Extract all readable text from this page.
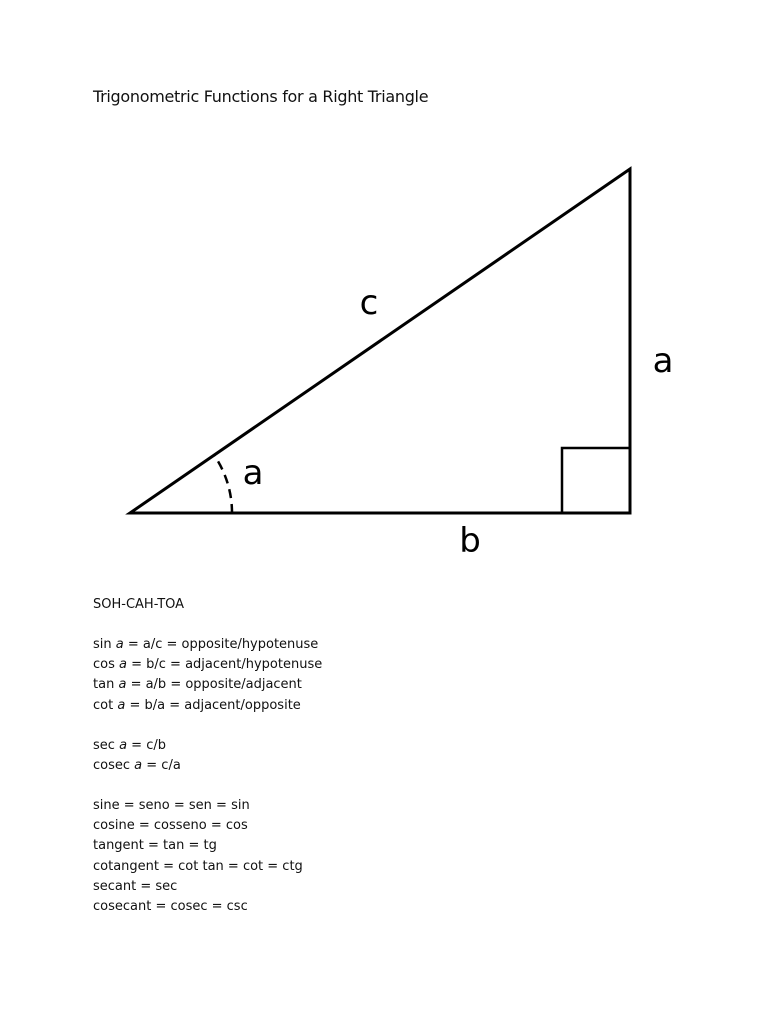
Trigonometric Functions for a Right Triangle
c
a
b
a
SOH-CAH-TOA
sin a = a/c = opposite/hypotenuse
cos a = b/c = adjacent/hypotenuse
tan a = a/b = opposite/adjacent
cot a = b/a = adjacent/opposite
sec a = c/b
cosec a = c/a
sine = seno = sen = sin
cosine = cosseno = cos
tangent = tan = tg
cotangent = cot tan = cot = ctg
secant = sec
cosecant = cosec = csc
